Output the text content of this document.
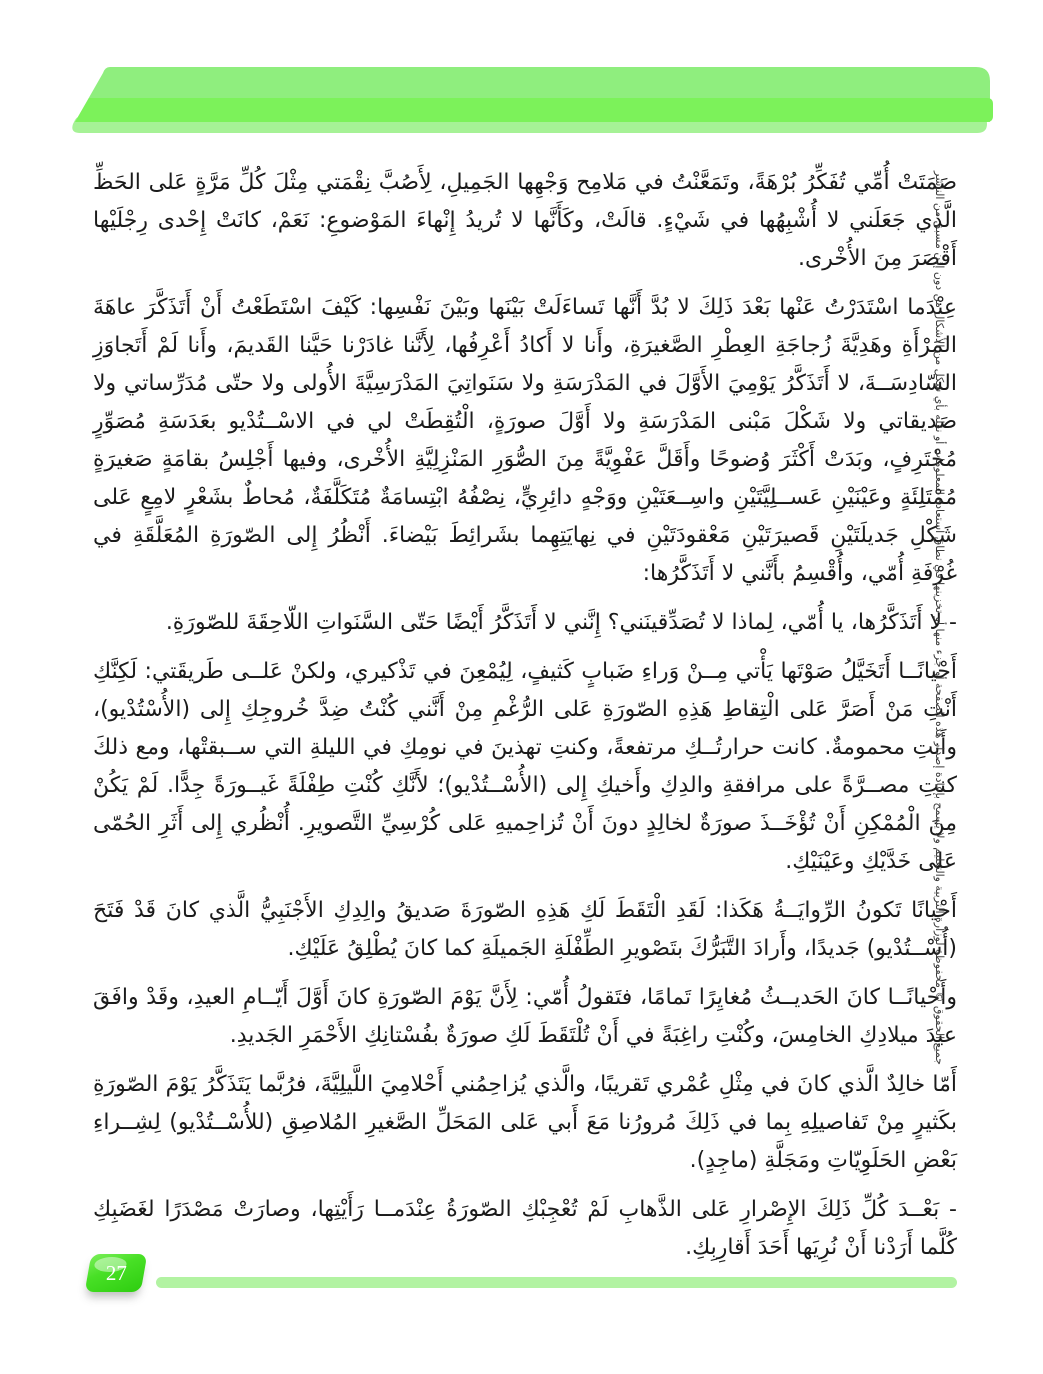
صَمَتَتْ أُمِّي تُفَكِّرُ بُرْهَةً، وتَمَعَّنْتُ في مَلامِح وَجْهِها الجَمِيلِ، لِأَصُبَّ نِقْمَتي مِثْلَ كُلِّ مَرَّةٍ عَلى الحَظِّ الَّذي جَعَلَني لا أُشْبِهُها في شَيْءٍ. قالَتْ، وكَأَنَّها لا تُريدُ إِنْهاءَ المَوْضوعِ: نَعَمْ، كانَتْ إِحْدى رِجْلَيْها أَقْصَرَ مِنَ الأُخْرى.

عِنْدَما اسْتَدَرْتُ عَنْها بَعْدَ ذَلِكَ لا بُدَّ أَنَّها تَساءَلَتْ بَيْنَها وبَيْنَ نَفْسِها: كَيْفَ اسْتَطَعْتُ أَنْ أَتَذَكَّرَ عاهَةَ المَرْأَةِ وهَدِيَّةَ زُجاجَةِ العِطْرِ الصَّغيرَةِ، وأَنا لا أَكادُ أَعْرِفُها، لِأَنَّنا غادَرْنا حَيَّنا القَديمَ، وأَنا لَمْ أَتَجاوَزِ السّادِسَــةَ، لا أَتَذَكَّرُ يَوْمِيَ الأَوَّلَ في المَدْرَسَةِ ولا سَنَواتِيَ المَدْرَسِيَّةَ الأُولى ولا حتّى مُدَرِّساتي ولا صَديقاتي ولا شَكْلَ مَبْنى المَدْرَسَةِ ولا أَوَّلَ صورَةٍ، الْتُقِطَتْ لي في الاسْــتُدْيو بعَدَسَةِ مُصَوِّرٍ مُحْتَرِفٍ، وبَدَتْ أَكْثَرَ وُضوحًا وأَقَلَّ عَفْوِيَّةً مِنَ الصُّوَرِ المَنْزِلِيَّةِ الأُخْرى، وفيها أَجْلِسُ بقامَةٍ صَغيرَةٍ مُمْتَلِئَةٍ وعَيْنَيْنِ عَســلِيَّتَيْنِ واسِــعَتَيْنِ ووَجْهٍ دائِرِيٍّ، نِصْفُهُ ابْتِسامَةٌ مُتَكَلَّفَةٌ، مُحاطٌ بشَعْرٍ لامِعٍ عَلى شَكْلِ جَديلَتَيْنِ قَصيرَتَيْنِ مَعْقودَتَيْنِ في نِهايَتِهِما بشَرائِطَ بَيْضاءَ. أَنْظُرُ إِلى الصّورَةِ المُعَلَّقَةِ في غُرْفَةِ أُمّي، وأُقْسِمُ بأَنَّني لا أَتَذَكَّرُها:

- لا أَتَذَكَّرُها، يا أُمّي، لِماذا لا تُصَدِّقينَني؟ إِنَّني لا أَتَذَكَّرُ أَيْضًا حَتّى السَّنَواتِ اللّاحِقَةَ للصّورَةِ.

أَحْيانًــا أَتَخَيَّلُ صَوْتَها يَأْتي مِــنْ وَراءِ ضَبابٍ كَثيفٍ، لِيُمْعِنَ في تَذْكيري، ولكنْ عَلــى طَريقَتي: لَكِنَّكِ أَنْتِ مَنْ أَصَرَّ عَلى الْتِقاطِ هَذِهِ الصّورَةِ عَلى الرُّغْمِ مِنْ أَنَّني كُنْتُ ضِدَّ خُروجِكِ إِلى (الأُسْتُدْيو)، وأَنتِ محمومةٌ. كانت حرارتُــكِ مرتفعةً، وكنتِ تهذينَ في نومِكِ في الليلةِ التي ســبقتْها، ومع ذلكَ كنتِ مصــرَّةً على مرافقةِ والدِكِ وأَخيكِ إِلى (الأُسْــتُدْيو)؛ لأَنَّكِ كُنْتِ طِفْلَةً غَيــورَةً جِدًّا. لَمْ يَكُنْ مِنَ الْمُمْكِنِ أَنْ تُؤْخَــذَ صورَةٌ لخالِدٍ دونَ أَنْ تُزاحِميهِ عَلى كُرْسِيِّ التَّصويرِ. أُنْظُري إِلى أَثَرِ الحُمّى عَلى خَدَّيْكِ وعَيْنَيْكِ.

أَحْيانًا تَكونُ الرِّوايَــةُ هَكَذا: لَقَدِ الْتَقَطَ لَكِ هَذِهِ الصّورَةَ صَديقُ والِدِكِ الأَجْنَبِيُّ الَّذي كانَ قَدْ فَتَحَ (أُسْــتُدْيو) جَديدًا، وأَرادَ التَّبَرُّكَ بتَصْويرِ الطِّفْلَةِ الجَميلَةِ كما كانَ يُطْلِقُ عَلَيْكِ.

وأَحْيانًــا كانَ الحَديــثُ مُغايِرًا تَمامًا، فتَقولُ أُمّي: لِأَنَّ يَوْمَ الصّورَةِ كانَ أَوَّلَ أَيّــامِ العيدِ، وقَدْ وافَقَ عيدَ ميلادِكِ الخامِسَ، وكُنْتِ راغِبَةً في أَنْ تُلْتَقَطَ لَكِ صورَةٌ بفُسْتانِكِ الأَحْمَرِ الجَديدِ.

أَمّا خالِدٌ الَّذي كانَ في مِثْلِ عُمْري تَقريبًا، والَّذي يُزاحِمُني أَحْلامِيَ اللَّيلِيَّةَ، فرُبَّما يَتَذَكَّرُ يَوْمَ الصّورَةِ بكَثيرٍ مِنْ تَفاصيلِهِ بِما في ذَلِكَ مُرورُنا مَعَ أَبي عَلى المَحَلِّ الصَّغيرِ المُلاصِقِ (للأُسْــتُدْيو) لِشِــراءِ بَعْضِ الحَلَوِيّاتِ ومَجَلَّةِ (ماجِدٍ).

- بَعْــدَ كُلِّ ذَلِكَ الإِصْرارِ عَلى الذَّهابِ لَمْ تُعْجِبْكِ الصّورَةُ عِنْدَمــا رَأَيْتِها، وصارَتْ مَصْدَرًا لغَضَبِكِ كُلَّما أَرَدْنا أَنْ نُرِيَها أَحَدَ أَقارِبِكِ.

جميع الحقوق © محفوظة لوزارة التربية والتعليم ولا يسمح بإعادة إصدار هذه الصفحة أو جزء منها أو تخزينها في نطاق استعادة المعلومات أو نقله بأي شكل من الأشكال من دون إذن مسبق من الناشر
27
